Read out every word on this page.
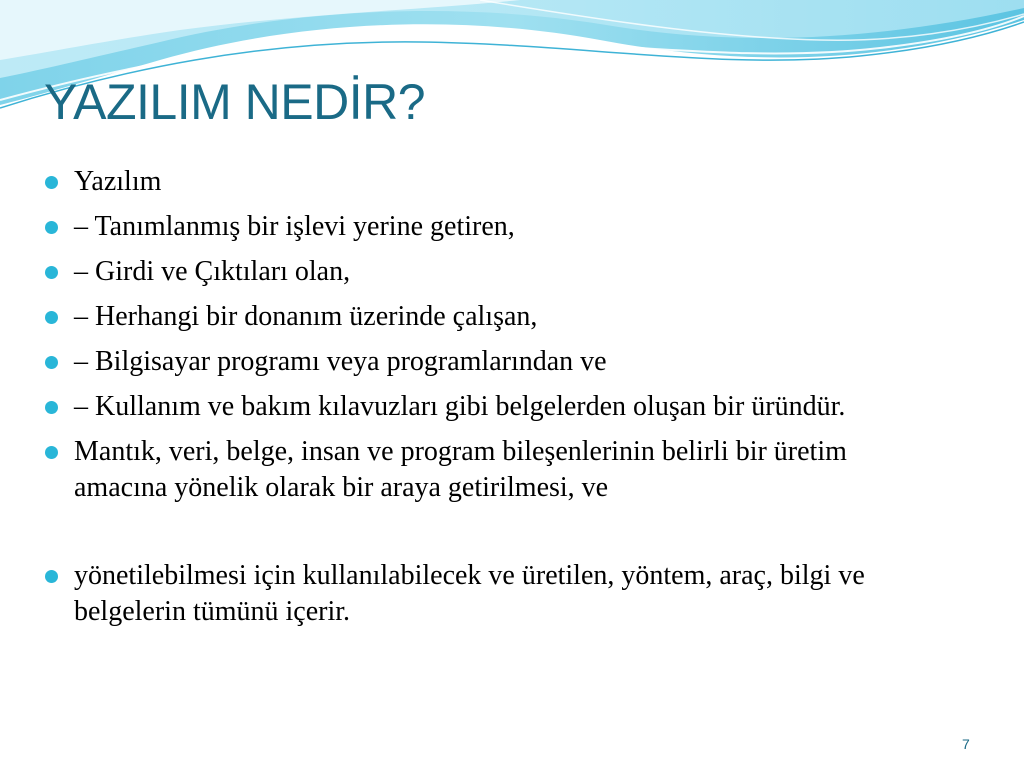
YAZILIM NEDİR?
Yazılım
– Tanımlanmış bir işlevi yerine getiren,
– Girdi ve Çıktıları olan,
– Herhangi bir donanım üzerinde çalışan,
– Bilgisayar programı veya programlarından ve
– Kullanım ve bakım kılavuzları gibi belgelerden oluşan bir üründür.
Mantık, veri, belge, insan ve program bileşenlerinin belirli bir üretim amacına yönelik olarak bir araya getirilmesi, ve
yönetilebilmesi için kullanılabilecek ve üretilen, yöntem, araç, bilgi ve belgelerin tümünü içerir.
7
